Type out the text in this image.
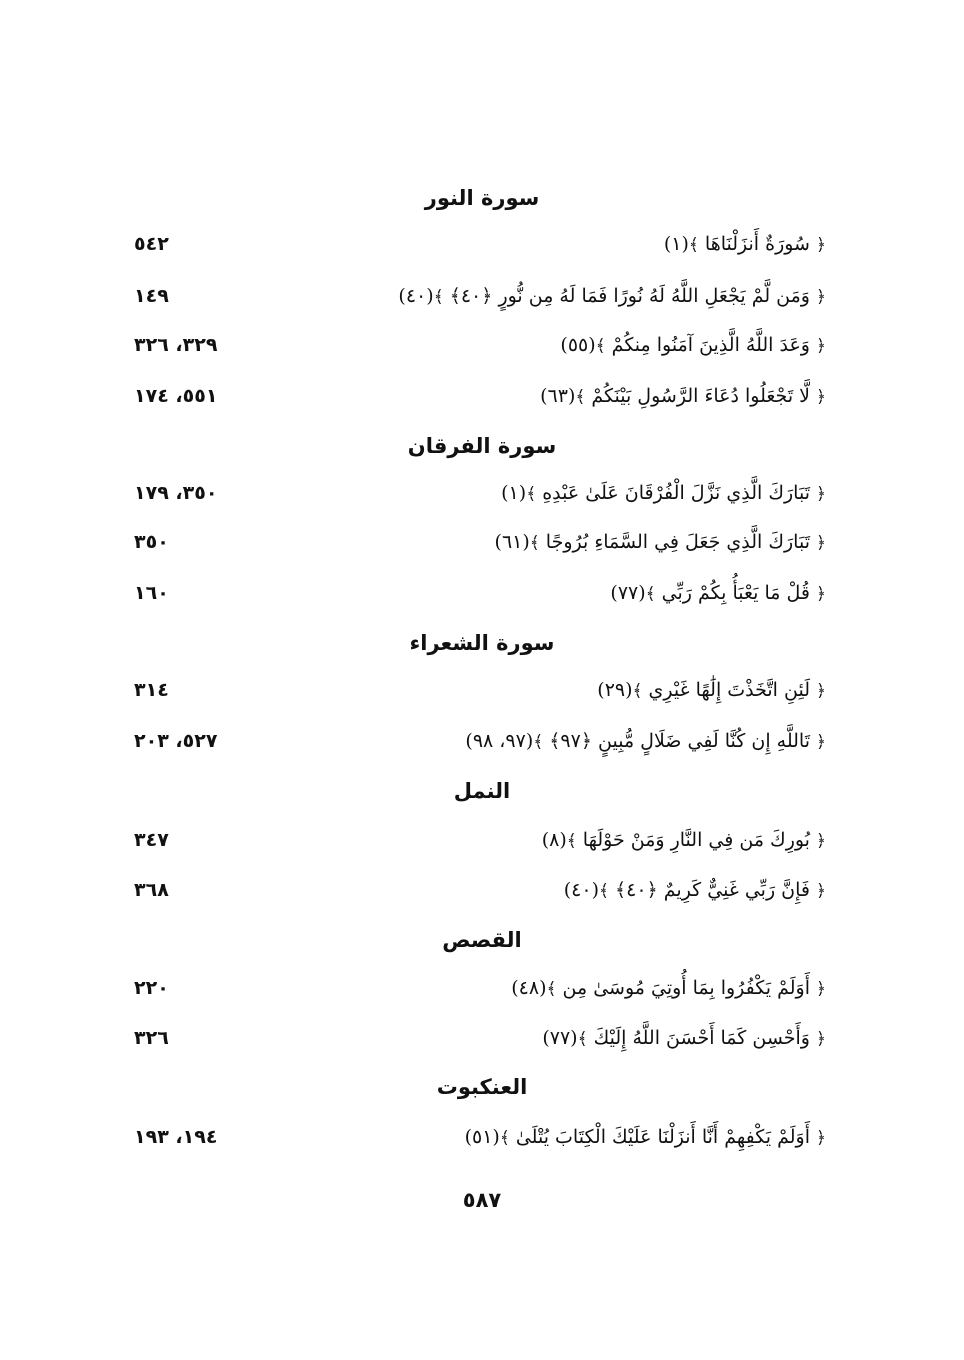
سورة النور
﴿ سُورَةٌ أَنزَلْنَاهَا ﴾(١)
٥٤٢
﴿ وَمَن لَّمْ يَجْعَلِ اللَّهُ لَهُ نُورًا فَمَا لَهُ مِن نُّورٍ ﴿٤٠﴾ ﴾(٤٠)
١٤٩
﴿ وَعَدَ اللَّهُ الَّذِينَ آمَنُوا مِنكُمْ ﴾(٥٥)
٣٢٩، ٣٢٦
﴿ لَّا تَجْعَلُوا دُعَاءَ الرَّسُولِ بَيْنَكُمْ ﴾(٦٣)
٥٥١، ١٧٤
سورة الفرقان
﴿ تَبَارَكَ الَّذِي نَزَّلَ الْفُرْقَانَ عَلَىٰ عَبْدِهِ ﴾(١)
٣٥٠، ١٧٩
﴿ تَبَارَكَ الَّذِي جَعَلَ فِي السَّمَاءِ بُرُوجًا ﴾(٦١)
٣٥٠
﴿ قُلْ مَا يَعْبَأُ بِكُمْ رَبِّي ﴾(٧٧)
١٦٠
سورة الشعراء
﴿ لَئِنِ اتَّخَذْتَ إِلَٰهًا غَيْرِي ﴾(٢٩)
٣١٤
﴿ تَاللَّهِ إِن كُنَّا لَفِي ضَلَالٍ مُّبِينٍ ﴿٩٧﴾ ﴾(٩٧، ٩٨)
٥٢٧، ٢٠٣
النمل
﴿ بُورِكَ مَن فِي النَّارِ وَمَنْ حَوْلَهَا ﴾(٨)
٣٤٧
﴿ فَإِنَّ رَبِّي غَنِيٌّ كَرِيمٌ ﴿٤٠﴾ ﴾(٤٠)
٣٦٨
القصص
﴿ أَوَلَمْ يَكْفُرُوا بِمَا أُوتِيَ مُوسَىٰ مِن ﴾(٤٨)
٢٢٠
﴿ وَأَحْسِن كَمَا أَحْسَنَ اللَّهُ إِلَيْكَ ﴾(٧٧)
٣٢٦
العنكبوت
﴿ أَوَلَمْ يَكْفِهِمْ أَنَّا أَنزَلْنَا عَلَيْكَ الْكِتَابَ يُتْلَىٰ ﴾(٥١)
١٩٤، ١٩٣
٥٨٧
